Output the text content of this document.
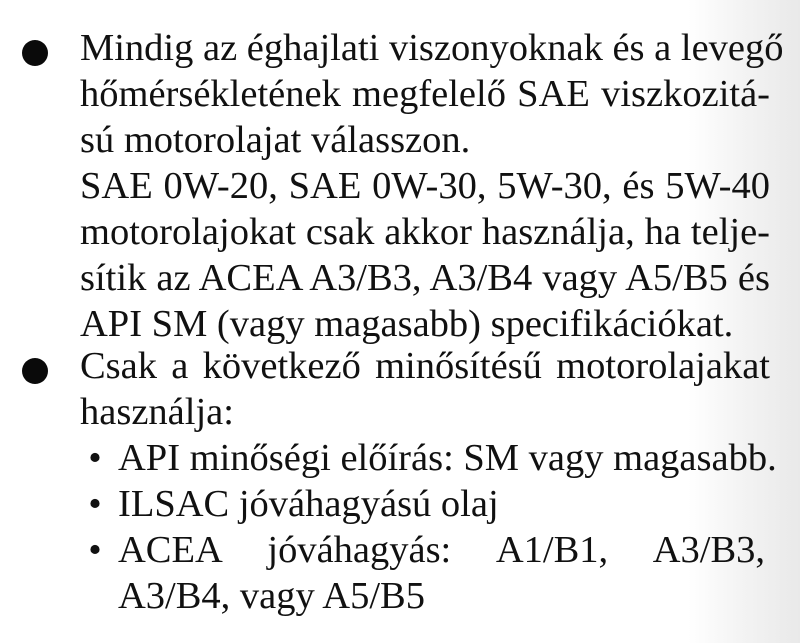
Mindig az éghajlati viszonyoknak és a levegő
hőmérsékletének megfelelő SAE viszkozitá-
sú motorolajat válasszon.
SAE 0W-20, SAE 0W-30, 5W-30, és 5W-40
motorolajokat csak akkor használja, ha telje-
sítik az ACEA A3/B3, A3/B4 vagy A5/B5 és
API SM (vagy magasabb) specifikációkat.
Csak a következő minősítésű motorolajakat
használja:
• API minőségi előírás: SM vagy magasabb.
• ILSAC jóváhagyású olaj
• ACEA jóváhagyás: A1/B1, A3/B3,
A3/B4, vagy A5/B5
